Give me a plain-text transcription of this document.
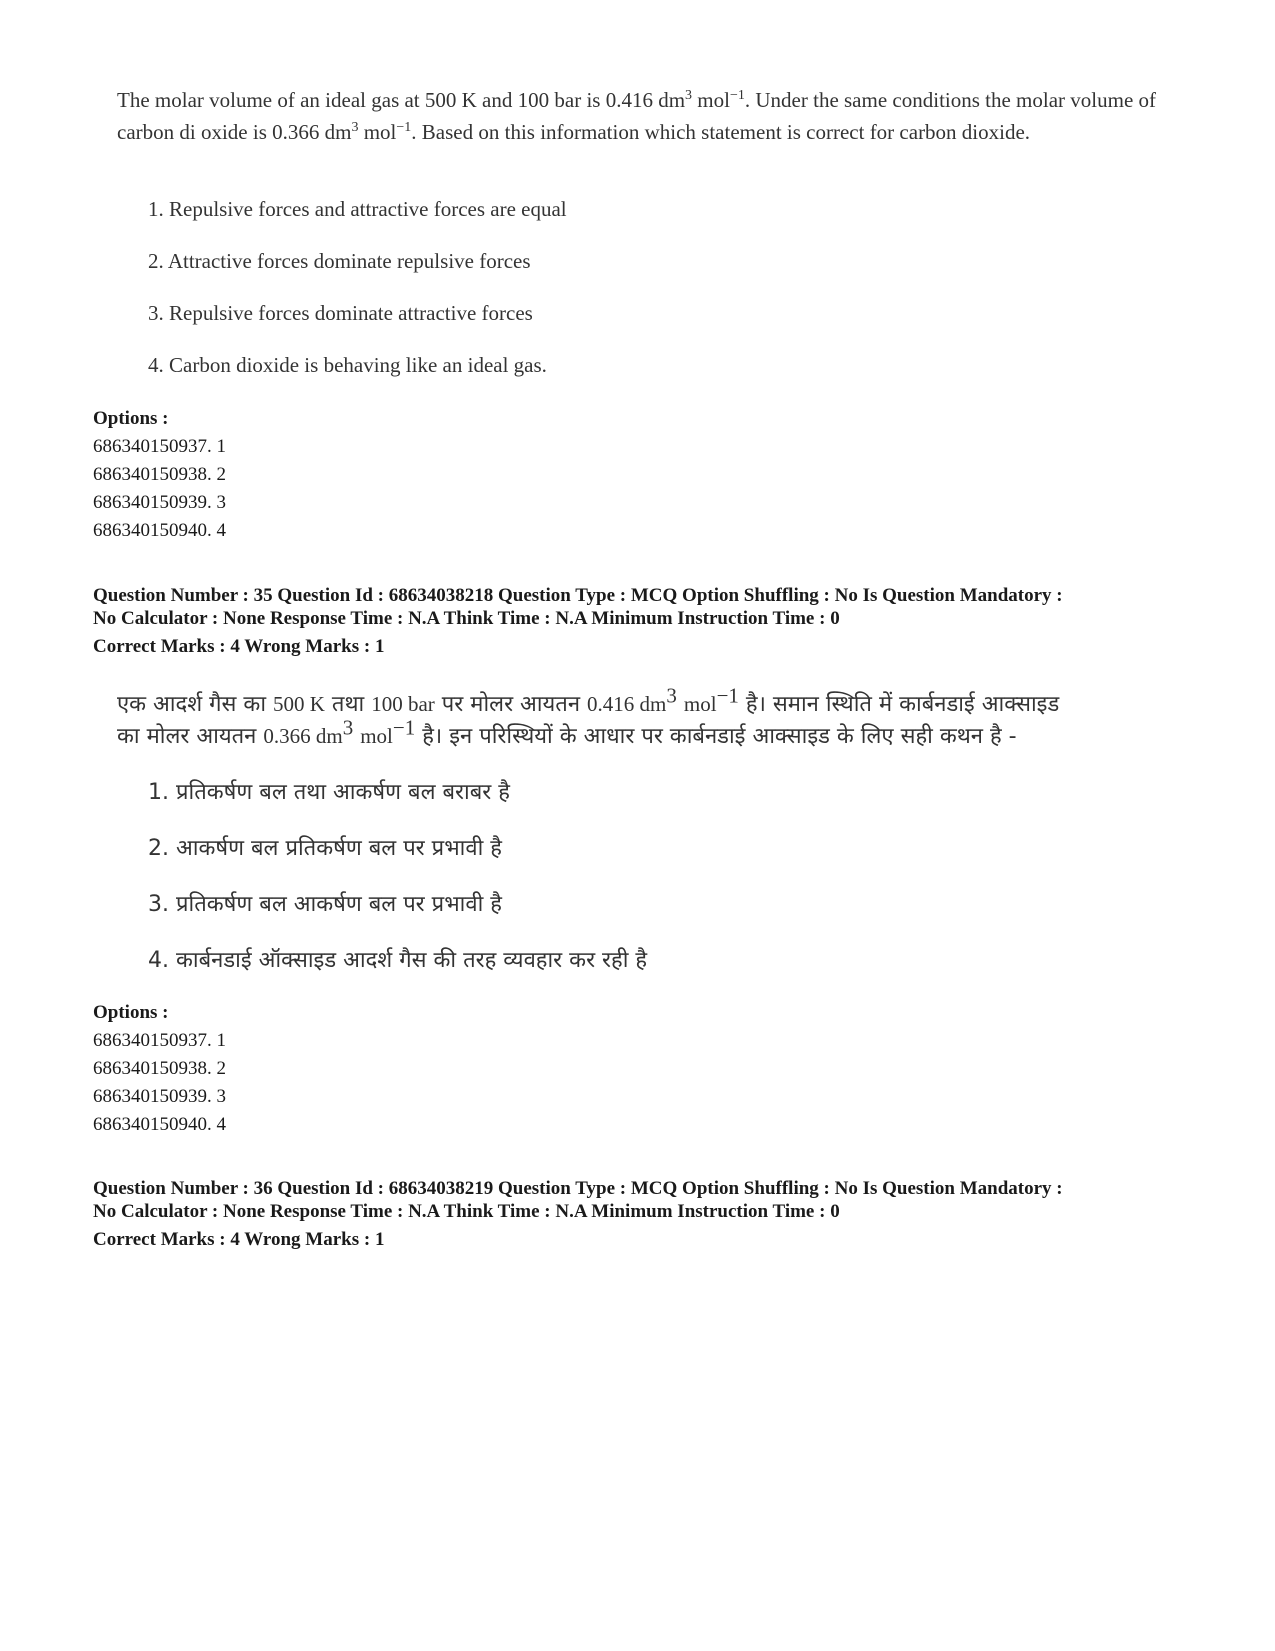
The molar volume of an ideal gas at 500 K and 100 bar is 0.416 $dm^3$ mol$^{-1}$. Under the same conditions the molar volume of carbon di oxide is 0.366 $dm^3$ mol$^{-1}$. Based on this information which statement is correct for carbon dioxide.
1. Repulsive forces and attractive forces are equal
2. Attractive forces dominate repulsive forces
3. Repulsive forces dominate attractive forces
4. Carbon dioxide is behaving like an ideal gas.
Options :
686340150937. 1
686340150938. 2
686340150939. 3
686340150940. 4
Question Number : 35 Question Id : 68634038218 Question Type : MCQ Option Shuffling : No Is Question Mandatory :
No Calculator : None Response Time : N.A Think Time : N.A Minimum Instruction Time : 0
Correct Marks : 4 Wrong Marks : 1
एक आदर्श गैस का 500 K तथा 100 bar पर मोलर आयतन 0.416 $dm^3$ mol$^{-1}$ है। समान स्थिति में कार्बनडाई आक्साइड
का मोलर आयतन 0.366 $dm^3$ mol$^{-1}$ है। इन परिस्थियों के आधार पर कार्बनडाई आक्साइड के लिए सही कथन है -
1. प्रतिकर्षण बल तथा आकर्षण बल बराबर है
2. आकर्षण बल प्रतिकर्षण बल पर प्रभावी है
3. प्रतिकर्षण बल आकर्षण बल पर प्रभावी है
4. कार्बनडाई ऑक्साइड आदर्श गैस की तरह व्यवहार कर रही है
Options :
686340150937. 1
686340150938. 2
686340150939. 3
686340150940. 4
Question Number : 36 Question Id : 68634038219 Question Type : MCQ Option Shuffling : No Is Question Mandatory :
No Calculator : None Response Time : N.A Think Time : N.A Minimum Instruction Time : 0
Correct Marks : 4 Wrong Marks : 1
